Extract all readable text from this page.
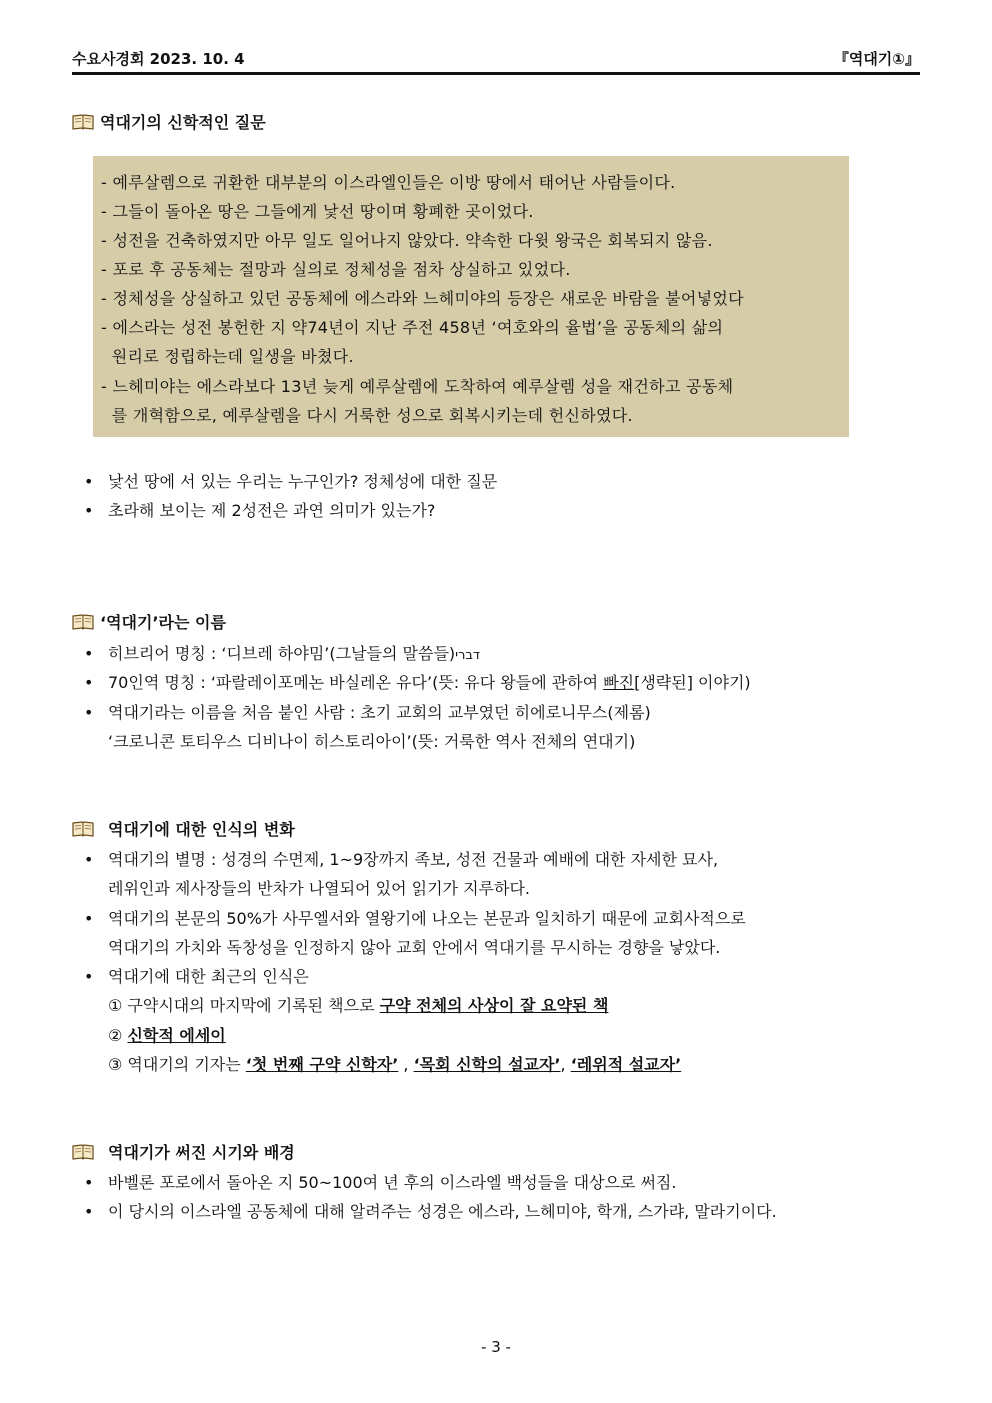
수요사경회 2023. 10. 4	『역대기①』
역대기의 신학적인 질문
- 예루살렘으로 귀환한 대부분의 이스라엘인들은 이방 땅에서 태어난 사람들이다.
- 그들이 돌아온 땅은 그들에게 낯선 땅이며 황폐한 곳이었다.
- 성전을 건축하였지만 아무 일도 일어나지 않았다. 약속한 다윗 왕국은 회복되지 않음.
- 포로 후 공동체는 절망과 실의로 정체성을 점차 상실하고 있었다.
- 정체성을 상실하고 있던 공동체에 에스라와 느헤미야의 등장은 새로운 바람을 불어넣었다
- 에스라는 성전 봉헌한 지 약74년이 지난 주전 458년 ‘여호와의 율법’을 공동체의 삶의
원리로 정립하는데 일생을 바쳤다.
- 느헤미야는 에스라보다 13년 늦게 예루살렘에 도착하여 예루살렘 성을 재건하고 공동체
를 개혁함으로, 예루살렘을 다시 거룩한 성으로 회복시키는데 헌신하였다.
• 낯선 땅에 서 있는 우리는 누구인가? 정체성에 대한 질문
• 초라해 보이는 제 2성전은 과연 의미가 있는가?
‘역대기’라는 이름
• 히브리어 명칭 : ‘디브레 하야밈’(그날들의 말씀들)דברי
• 70인역 명칭 : ‘파랄레이포메논 바실레온 유다’(뜻: 유다 왕들에 관하여 빠진[생략된] 이야기)
• 역대기라는 이름을 처음 붙인 사람 : 초기 교회의 교부였던 히에로니무스(제롬)
‘크로니콘 토티우스 디비나이 히스토리아이’(뜻: 거룩한 역사 전체의 연대기)
역대기에 대한 인식의 변화
• 역대기의 별명 : 성경의 수면제, 1~9장까지 족보, 성전 건물과 예배에 대한 자세한 묘사,
레위인과 제사장들의 반차가 나열되어 있어 읽기가 지루하다.
• 역대기의 본문의 50%가 사무엘서와 열왕기에 나오는 본문과 일치하기 때문에 교회사적으로
역대기의 가치와 독창성을 인정하지 않아 교회 안에서 역대기를 무시하는 경향을 낳았다.
• 역대기에 대한 최근의 인식은
① 구약시대의 마지막에 기록된 책으로 구약 전체의 사상이 잘 요약된 책
② 신학적 에세이
③ 역대기의 기자는 ‘첫 번째 구약 신학자’ , ‘목회 신학의 설교자’, ‘레위적 설교자’
역대기가 써진 시기와 배경
• 바벨론 포로에서 돌아온 지 50~100여 년 후의 이스라엘 백성들을 대상으로 써짐.
• 이 당시의 이스라엘 공동체에 대해 알려주는 성경은 에스라, 느헤미야, 학개, 스가랴, 말라기이다.
- 3 -
